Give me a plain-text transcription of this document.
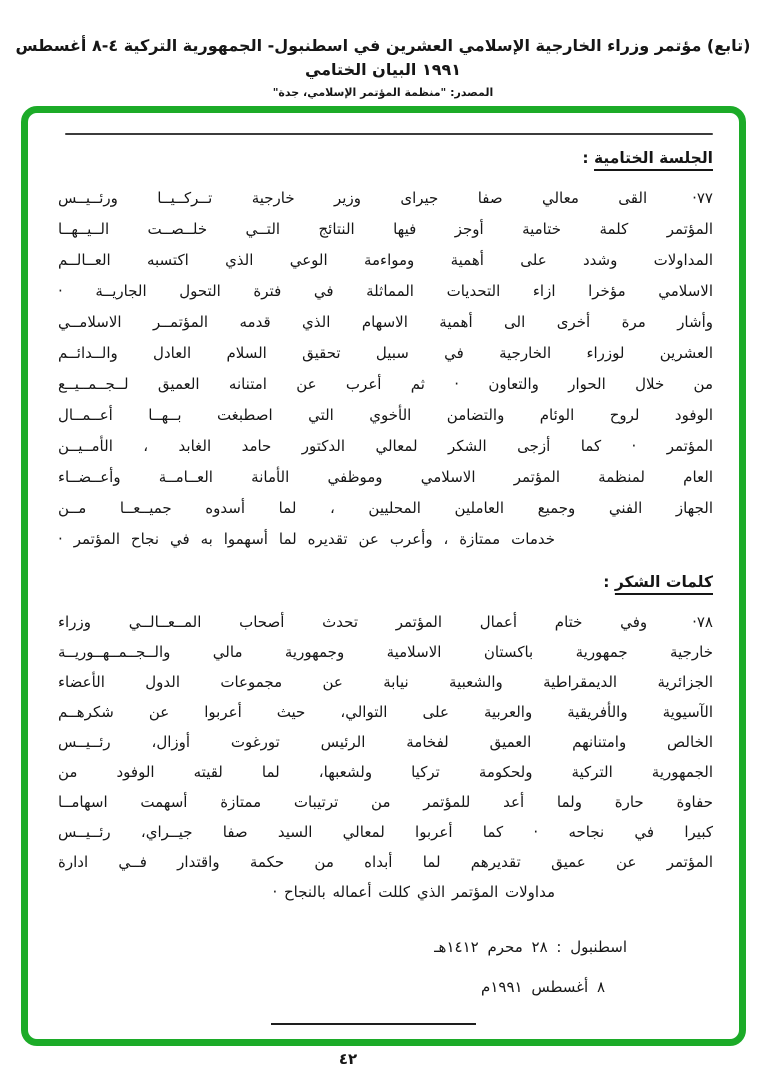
(تابع) مؤتمر وزراء الخارجية الإسلامي العشرين في اسطنبول- الجمهورية التركية ٤-٨ أغسطس ١٩٩١ البيان الختامي
المصدر: "منظمة المؤتمر الإسلامي، جدة"
الجلسة الختامية :
٧٧·   القى معالي صفا جيراى وزير خارجية تــركــيــا ورئــيــس
المؤتمر كلمة ختامية أوجز فيها النتائج التــي خلــصــت الــيــهــا
المداولات وشدد على أهمية ومواءمة الوعي الذي اكتسبه العــالــم
الاسلامي مؤخرا ازاء التحديات المماثلة في فترة التحول الجاريــة ·
وأشار مرة أخرى الى أهمية الاسهام الذي قدمه المؤتمــر الاسلامــي
العشرين لوزراء الخارجية في سبيل تحقيق السلام العادل والــدائــم
من خلال الحوار والتعاون · ثم أعرب عن امتنانه العميق لــجــمــيــع
الوفود لروح الوئام والتضامن الأخوي التي اصطبغت بــهــا أعــمــال
المؤتمر · كما أزجى الشكر لمعالي الدكتور حامد الغابد ، الأمــيــن
العام لمنظمة المؤتمر الاسلامي وموظفي الأمانة العــامــة وأعــضــاء
الجهاز الفني وجميع العاملين المحليين ، لما أسدوه جميــعــا مــن
خدمات ممتازة ، وأعرب عن تقديره لما أسهموا به في نجاح المؤتمر ·
كلمات الشكر :
٧٨·   وفي ختام أعمال المؤتمر تحدث أصحاب المــعــالــي وزراء
خارجية جمهورية باكستان الاسلامية وجمهورية مالي والــجــمــهــوريــة
الجزائرية الديمقراطية والشعبية نيابة عن مجموعات الدول الأعضاء
الآسيوية والأفريقية والعربية على التوالي، حيث أعربوا عن شكرهــم
الخالص وامتنانهم العميق لفخامة الرئيس تورغوت أوزال، رئــيــس
الجمهورية التركية ولحكومة تركيا ولشعبها، لما لقيته الوفود من
حفاوة حارة ولما أعد للمؤتمر من ترتيبات ممتازة أسهمت اسهامــا
كبيرا في نجاحه · كما أعربوا لمعالي السيد صفا جيــراي، رئــيــس
المؤتمر عن عميق تقديرهم لما أبداه من حكمة واقتدار فــي ادارة
مداولات المؤتمر الذي كللت أعماله بالنجاح ·
اسطنبول : ٢٨ محرم ١٤١٢هـ
٨ أغسطس ١٩٩١م
٤٢
